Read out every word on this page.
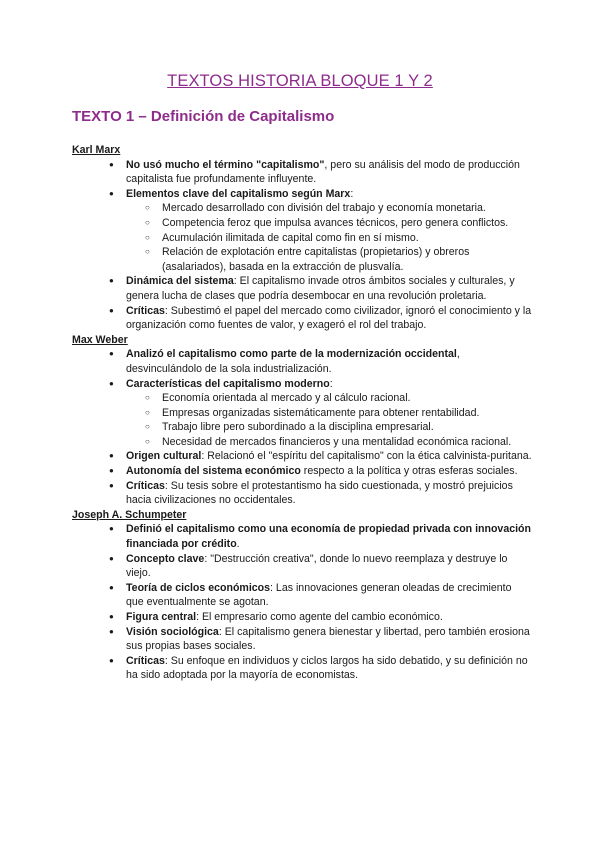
TEXTOS HISTORIA BLOQUE 1 Y 2
TEXTO 1 – Definición de Capitalismo
Karl Marx
● No usó mucho el término "capitalismo", pero su análisis del modo de producción capitalista fue profundamente influyente.
● Elementos clave del capitalismo según Marx:
○ Mercado desarrollado con división del trabajo y economía monetaria.
○ Competencia feroz que impulsa avances técnicos, pero genera conflictos.
○ Acumulación ilimitada de capital como fin en sí mismo.
○ Relación de explotación entre capitalistas (propietarios) y obreros (asalariados), basada en la extracción de plusvalía.
● Dinámica del sistema: El capitalismo invade otros ámbitos sociales y culturales, y genera lucha de clases que podría desembocar en una revolución proletaria.
● Críticas: Subestimó el papel del mercado como civilizador, ignoró el conocimiento y la organización como fuentes de valor, y exageró el rol del trabajo.
Max Weber
● Analizó el capitalismo como parte de la modernización occidental, desvinculándolo de la sola industrialización.
● Características del capitalismo moderno:
○ Economía orientada al mercado y al cálculo racional.
○ Empresas organizadas sistemáticamente para obtener rentabilidad.
○ Trabajo libre pero subordinado a la disciplina empresarial.
○ Necesidad de mercados financieros y una mentalidad económica racional.
● Origen cultural: Relacionó el "espíritu del capitalismo" con la ética calvinista-puritana.
● Autonomía del sistema económico respecto a la política y otras esferas sociales.
● Críticas: Su tesis sobre el protestantismo ha sido cuestionada, y mostró prejuicios hacia civilizaciones no occidentales.
Joseph A. Schumpeter
● Definió el capitalismo como una economía de propiedad privada con innovación financiada por crédito.
● Concepto clave: "Destrucción creativa", donde lo nuevo reemplaza y destruye lo viejo.
● Teoría de ciclos económicos: Las innovaciones generan oleadas de crecimiento que eventualmente se agotan.
● Figura central: El empresario como agente del cambio económico.
● Visión sociológica: El capitalismo genera bienestar y libertad, pero también erosiona sus propias bases sociales.
● Críticas: Su enfoque en individuos y ciclos largos ha sido debatido, y su definición no ha sido adoptada por la mayoría de economistas.
